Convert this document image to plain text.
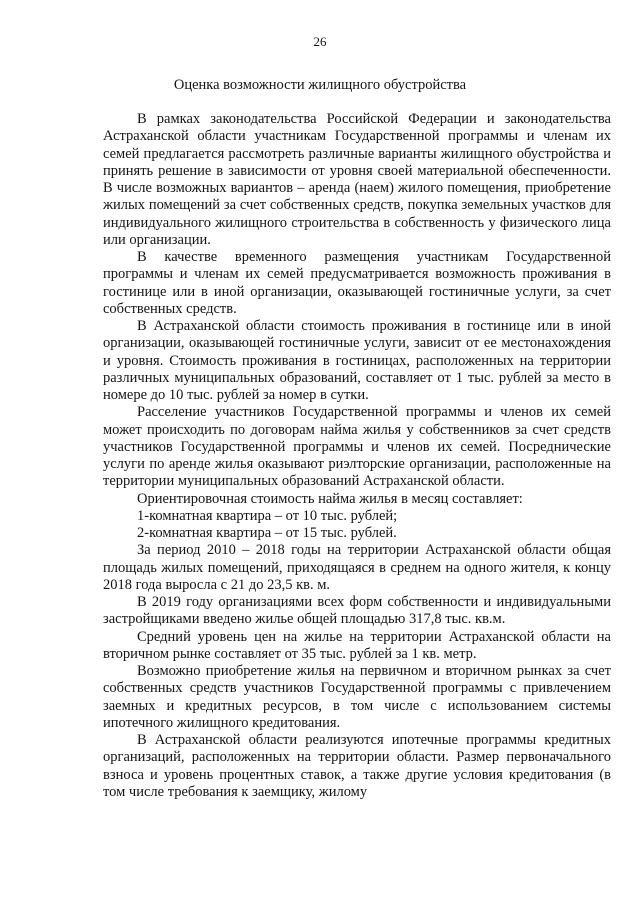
26
Оценка возможности жилищного обустройства

В рамках законодательства Российской Федерации и законодательства Астраханской области участникам Государственной программы и членам их семей предлагается рассмотреть различные варианты жилищного обустройства и принять решение в зависимости от уровня своей материальной обеспеченности. В числе возможных вариантов – аренда (наем) жилого помещения, приобретение жилых помещений за счет собственных средств, покупка земельных участков для индивидуального жилищного строительства в собственность у физического лица или организации.

В качестве временного размещения участникам Государственной программы и членам их семей предусматривается возможность проживания в гостинице или в иной организации, оказывающей гостиничные услуги, за счет собственных средств.

В Астраханской области стоимость проживания в гостинице или в иной организации, оказывающей гостиничные услуги, зависит от ее местонахождения и уровня. Стоимость проживания в гостиницах, расположенных на территории различных муниципальных образований, составляет от 1 тыс. рублей за место в номере до 10 тыс. рублей за номер в сутки.

Расселение участников Государственной программы и членов их семей может происходить по договорам найма жилья у собственников за счет средств участников Государственной программы и членов их семей. Посреднические услуги по аренде жилья оказывают риэлторские организации, расположенные на территории муниципальных образований Астраханской области.

Ориентировочная стоимость найма жилья в месяц составляет:

1-комнатная квартира – от 10 тыс. рублей;

2-комнатная квартира – от 15 тыс. рублей.

За период 2010 – 2018 годы на территории Астраханской области общая площадь жилых помещений, приходящаяся в среднем на одного жителя, к концу 2018 года выросла с 21 до 23,5 кв. м.

В 2019 году организациями всех форм собственности и индивидуальными застройщиками введено жилье общей площадью 317,8 тыс. кв.м.

Средний уровень цен на жилье на территории Астраханской области на вторичном рынке составляет от 35 тыс. рублей за 1 кв. метр.

Возможно приобретение жилья на первичном и вторичном рынках за счет собственных средств участников Государственной программы с привлечением заемных и кредитных ресурсов, в том числе с использованием системы ипотечного жилищного кредитования.

В Астраханской области реализуются ипотечные программы кредитных организаций, расположенных на территории области. Размер первоначального взноса и уровень процентных ставок, а также другие условия кредитования (в том числе требования к заемщику, жилому
